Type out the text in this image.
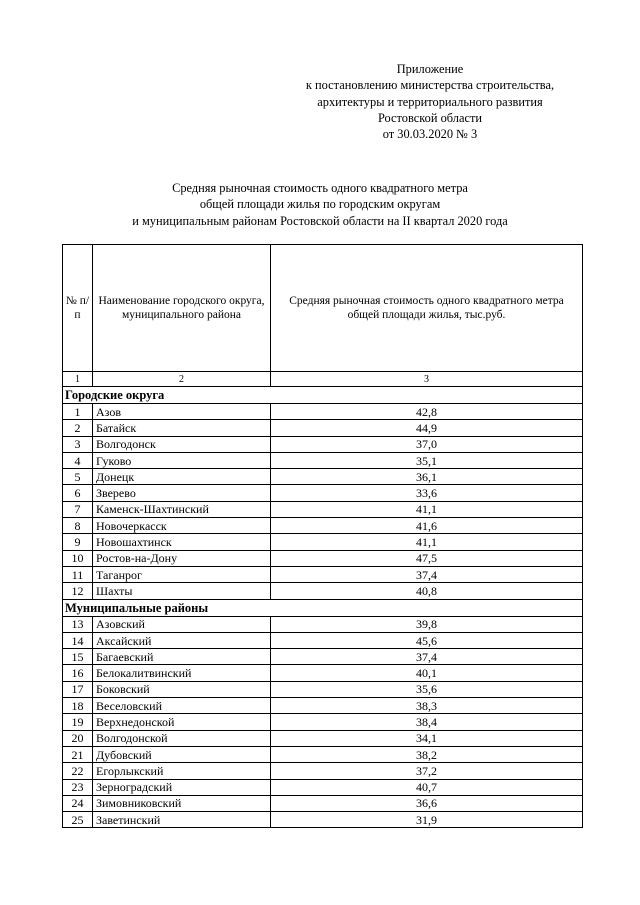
Приложение
к постановлению министерства строительства,
архитектуры и территориального развития
Ростовской области
от 30.03.2020 № 3
Средняя рыночная стоимость одного квадратного метра
общей площади жилья по городским округам
и муниципальным районам Ростовской области на II квартал 2020 года
№ п/п	Наименование городского округа, муниципального района	Средняя рыночная стоимость одного квадратного метра общей площади жилья, тыс.руб.
1	2	3
Городские округа		
1	Азов	42,8
2	Батайск	44,9
3	Волгодонск	37,0
4	Гуково	35,1
5	Донецк	36,1
6	Зверево	33,6
7	Каменск-Шахтинский	41,1
8	Новочеркасск	41,6
9	Новошахтинск	41,1
10	Ростов-на-Дону	47,5
11	Таганрог	37,4
12	Шахты	40,8
Муниципальные районы		
13	Азовский	39,8
14	Аксайский	45,6
15	Багаевский	37,4
16	Белокалитвинский	40,1
17	Боковский	35,6
18	Веселовский	38,3
19	Верхнедонской	38,4
20	Волгодонской	34,1
21	Дубовский	38,2
22	Егорлыкский	37,2
23	Зерноградский	40,7
24	Зимовниковский	36,6
25	Заветинский	31,9
